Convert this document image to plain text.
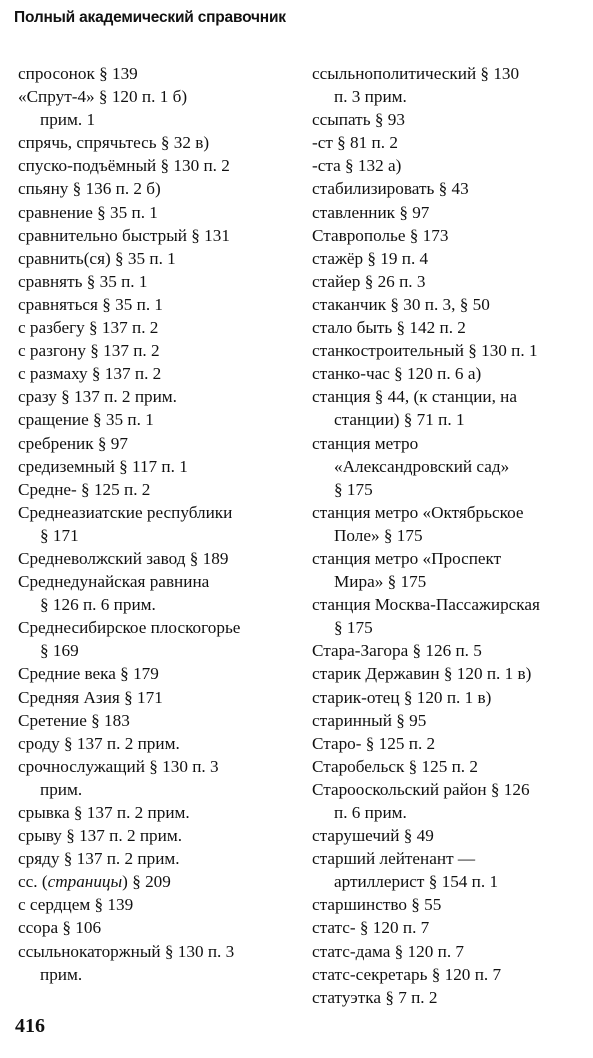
Полный академический справочник
спросонок § 139
«Спрут-4» § 120 п. 1 б)
прим. 1
спрячь, спрячьтесь § 32 в)
спуско-подъёмный § 130 п. 2
спьяну § 136 п. 2 б)
сравнение § 35 п. 1
сравнительно быстрый § 131
сравнить(ся) § 35 п. 1
сравнять § 35 п. 1
сравняться § 35 п. 1
с разбегу § 137 п. 2
с разгону § 137 п. 2
с размаху § 137 п. 2
сразу § 137 п. 2 прим.
сращение § 35 п. 1
сребреник § 97
средиземный § 117 п. 1
Средне- § 125 п. 2
Среднеазиатские республики
§ 171
Средневолжский завод § 189
Среднедунайская равнина
§ 126 п. 6 прим.
Среднесибирское плоскогорье
§ 169
Средние века § 179
Средняя Азия § 171
Сретение § 183
сроду § 137 п. 2 прим.
срочнослужащий § 130 п. 3
прим.
срывка § 137 п. 2 прим.
срыву § 137 п. 2 прим.
сряду § 137 п. 2 прим.
сс. (страницы) § 209
с сердцем § 139
ссора § 106
ссыльнокаторжный § 130 п. 3
прим.
ссыльнополитический § 130
п. 3 прим.
ссыпать § 93
-ст § 81 п. 2
-ста § 132 а)
стабилизировать § 43
ставленник § 97
Ставрополье § 173
стажёр § 19 п. 4
стайер § 26 п. 3
стаканчик § 30 п. 3, § 50
стало быть § 142 п. 2
станкостроительный § 130 п. 1
станко-час § 120 п. 6 а)
станция § 44, (к станции, на
станции) § 71 п. 1
станция метро
«Александровский сад»
§ 175
станция метро «Октябрьское
Поле» § 175
станция метро «Проспект
Мира» § 175
станция Москва-Пассажирская
§ 175
Стара-Загора § 126 п. 5
старик Державин § 120 п. 1 в)
старик-отец § 120 п. 1 в)
старинный § 95
Старо- § 125 п. 2
Старобельск § 125 п. 2
Старооскольский район § 126
п. 6 прим.
старушечий § 49
старший лейтенант —
артиллерист § 154 п. 1
старшинство § 55
статс- § 120 п. 7
статс-дама § 120 п. 7
статс-секретарь § 120 п. 7
статуэтка § 7 п. 2
416
